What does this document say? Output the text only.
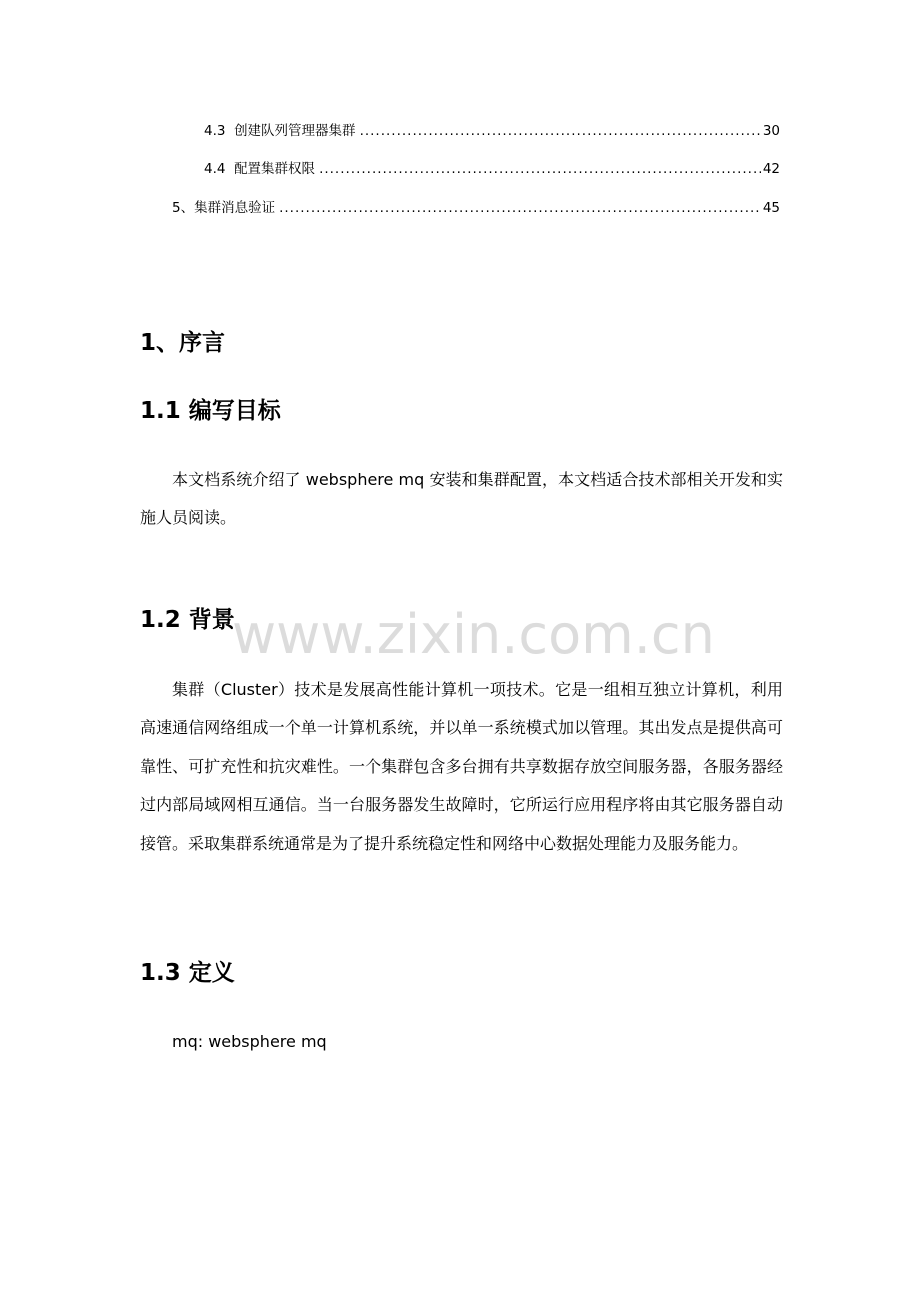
4.3 创建队列管理器集群 .....	30
4.4 配置集群权限 .....	42
5、 集群消息验证 .....	45
www.zixin.com.cn
1、序言
1.1 编写目标

本文档系统介绍了 websphere mq 安装和集群配置，本文档适合技术部相关开发和实施人员阅读。

1.2 背景

集群（Cluster）技术是发展高性能计算机一项技术。它是一组相互独立计算机，利用高速通信网络组成一个单一计算机系统，并以单一系统模式加以管理。其出发点是提供高可靠性、可扩充性和抗灾难性。一个集群包含多台拥有共享数据存放空间服务器，各服务器经过内部局域网相互通信。当一台服务器发生故障时，它所运行应用程序将由其它服务器自动接管。采取集群系统通常是为了提升系统稳定性和网络中心数据处理能力及服务能力。

1.3 定义
mq: websphere mq
